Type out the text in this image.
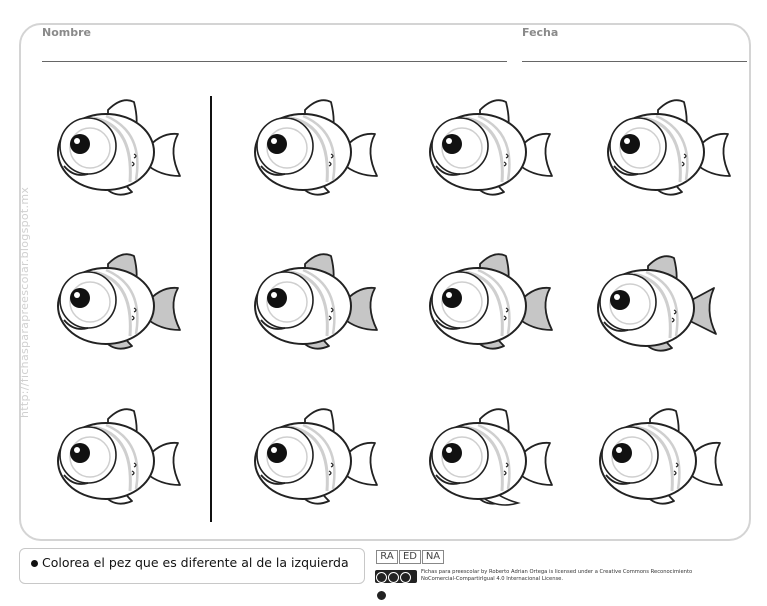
Nombre	Fecha
http://fichasparapreescolar.blogspot.mx
Colorea el pez que es diferente al de la izquierda	RA ED NA
Fichas para preescolar by Roberto Adrian Ortega is licensed under a Creative Commons Reconocimiento
NoComercial-CompartirIgual 4.0 Internacional License.
